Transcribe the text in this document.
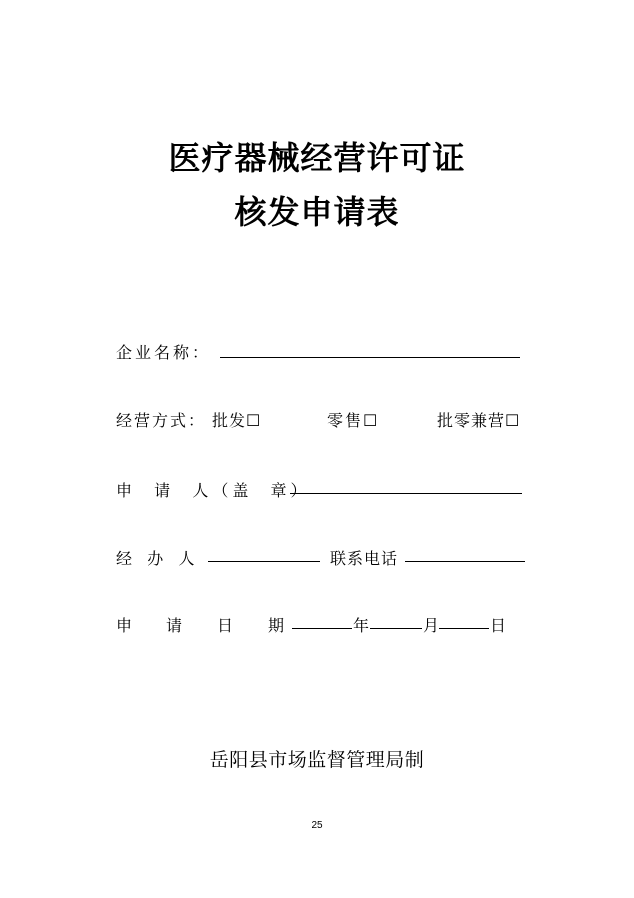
医疗器械经营许可证
核发申请表
企业名称：
经营方式： 批发☐	零售☐	批零兼营☐
申  请  人（盖  章）
经   办   人	联系电话
申 请 日 期	年	月	日
岳阳县市场监督管理局制
25
